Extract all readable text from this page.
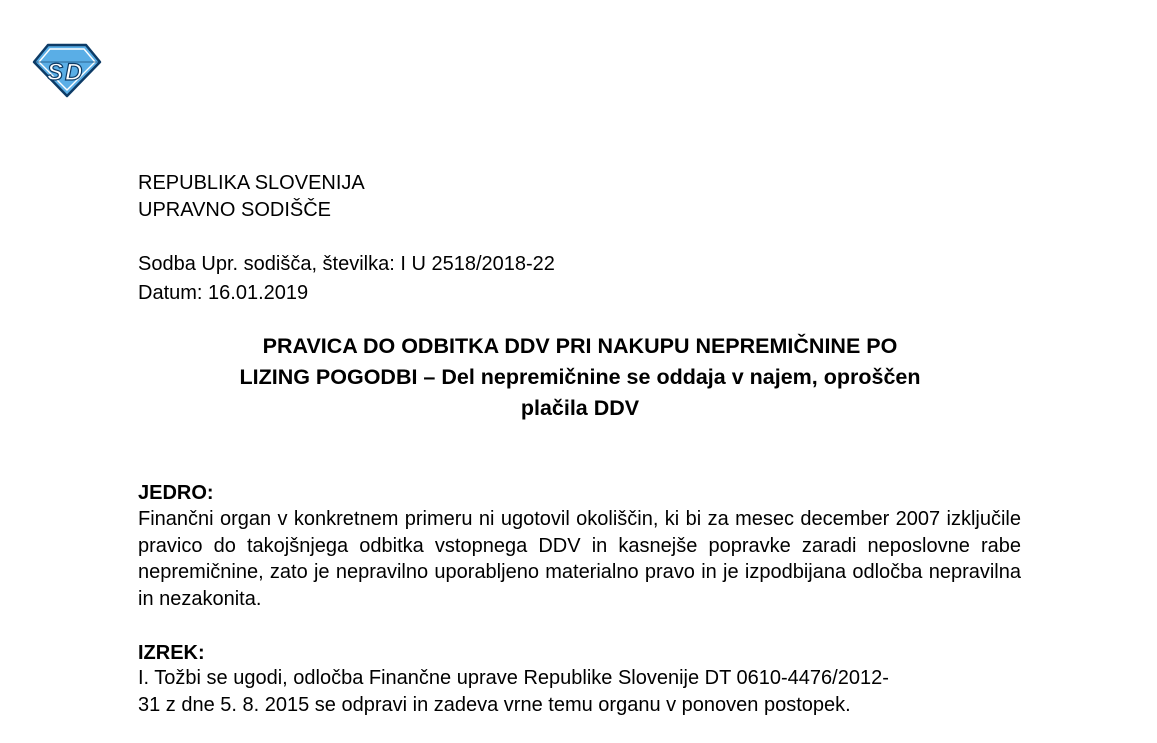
S D
REPUBLIKA SLOVENIJA
UPRAVNO SODIŠČE
Sodba Upr. sodišča, številka: I U 2518/2018-22
Datum: 16.01.2019
PRAVICA DO ODBITKA DDV PRI NAKUPU NEPREMIČNINE PO
LIZING POGODBI – Del nepremičnine se oddaja v najem, oproščen
plačila DDV
JEDRO:
Finančni organ v konkretnem primeru ni ugotovil okoliščin, ki bi za mesec december 2007 izključile pravico do takojšnjega odbitka vstopnega DDV in kasnejše popravke zaradi neposlovne rabe nepremičnine, zato je nepravilno uporabljeno materialno pravo in je izpodbijana odločba nepravilna in nezakonita.
IZREK:
I. Tožbi se ugodi, odločba Finančne uprave Republike Slovenije DT 0610-4476/2012-
31 z dne 5. 8. 2015 se odpravi in zadeva vrne temu organu v ponoven postopek.
